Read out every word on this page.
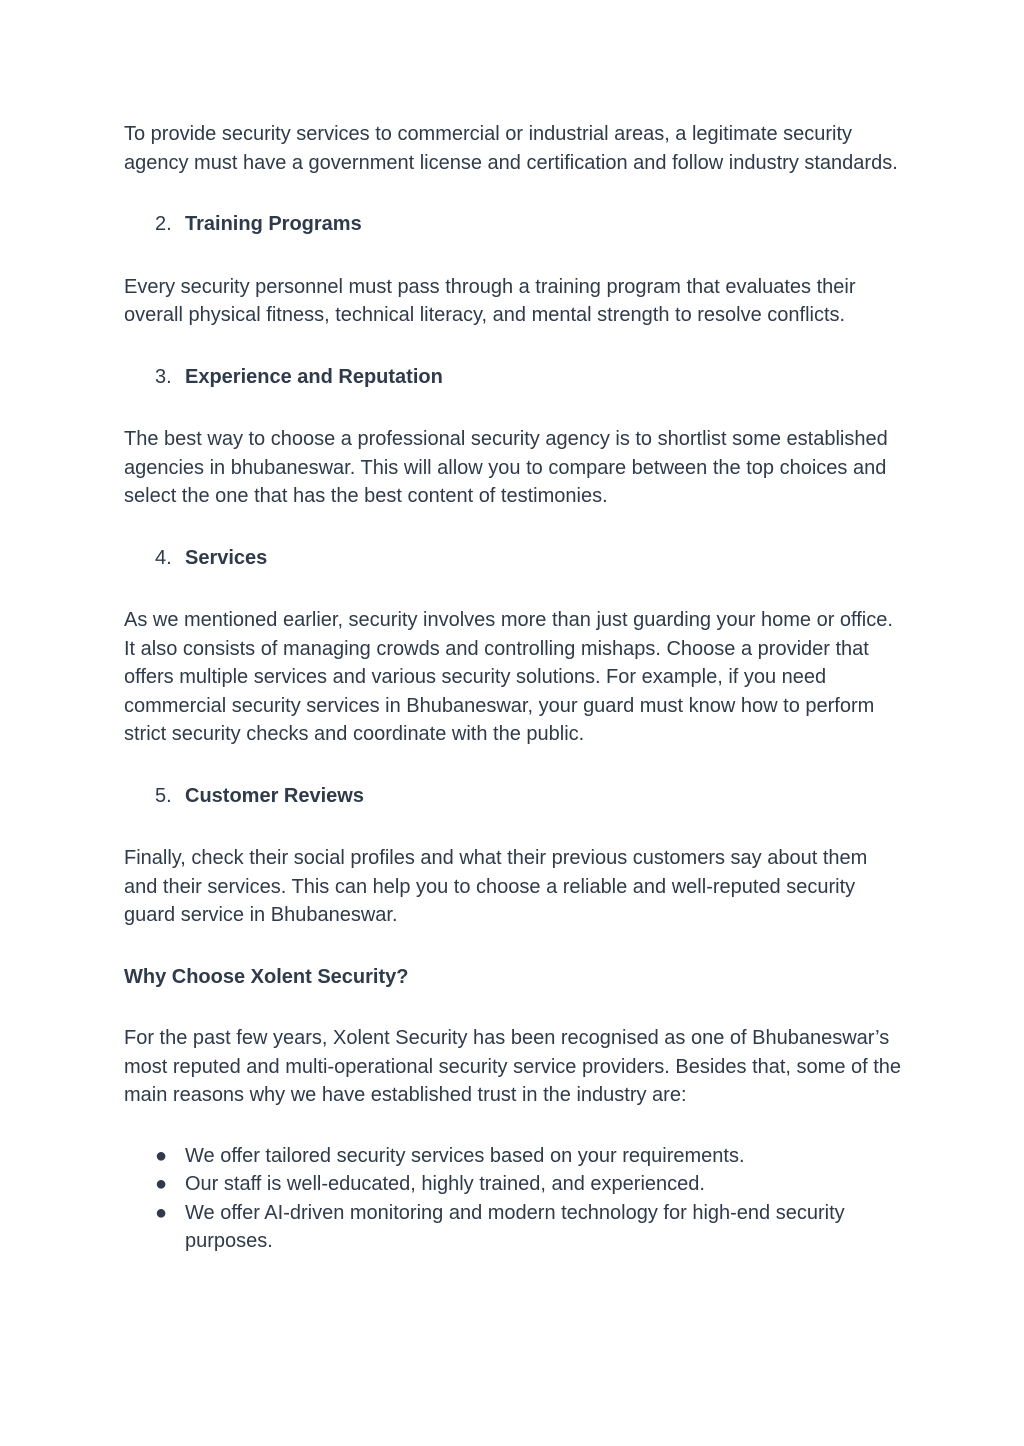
To provide security services to commercial or industrial areas, a legitimate security agency must have a government license and certification and follow industry standards.

2. Training Programs

Every security personnel must pass through a training program that evaluates their overall physical fitness, technical literacy, and mental strength to resolve conflicts.

3. Experience and Reputation

The best way to choose a professional security agency is to shortlist some established agencies in bhubaneswar. This will allow you to compare between the top choices and select the one that has the best content of testimonies.

4. Services

As we mentioned earlier, security involves more than just guarding your home or office. It also consists of managing crowds and controlling mishaps. Choose a provider that offers multiple services and various security solutions. For example, if you need commercial security services in Bhubaneswar, your guard must know how to perform strict security checks and coordinate with the public.

5. Customer Reviews

Finally, check their social profiles and what their previous customers say about them and their services. This can help you to choose a reliable and well-reputed security guard service in Bhubaneswar.

Why Choose Xolent Security?

For the past few years, Xolent Security has been recognised as one of Bhubaneswar’s most reputed and multi-operational security service providers. Besides that, some of the main reasons why we have established trust in the industry are:

● We offer tailored security services based on your requirements.
● Our staff is well-educated, highly trained, and experienced.
● We offer AI-driven monitoring and modern technology for high-end security purposes.
